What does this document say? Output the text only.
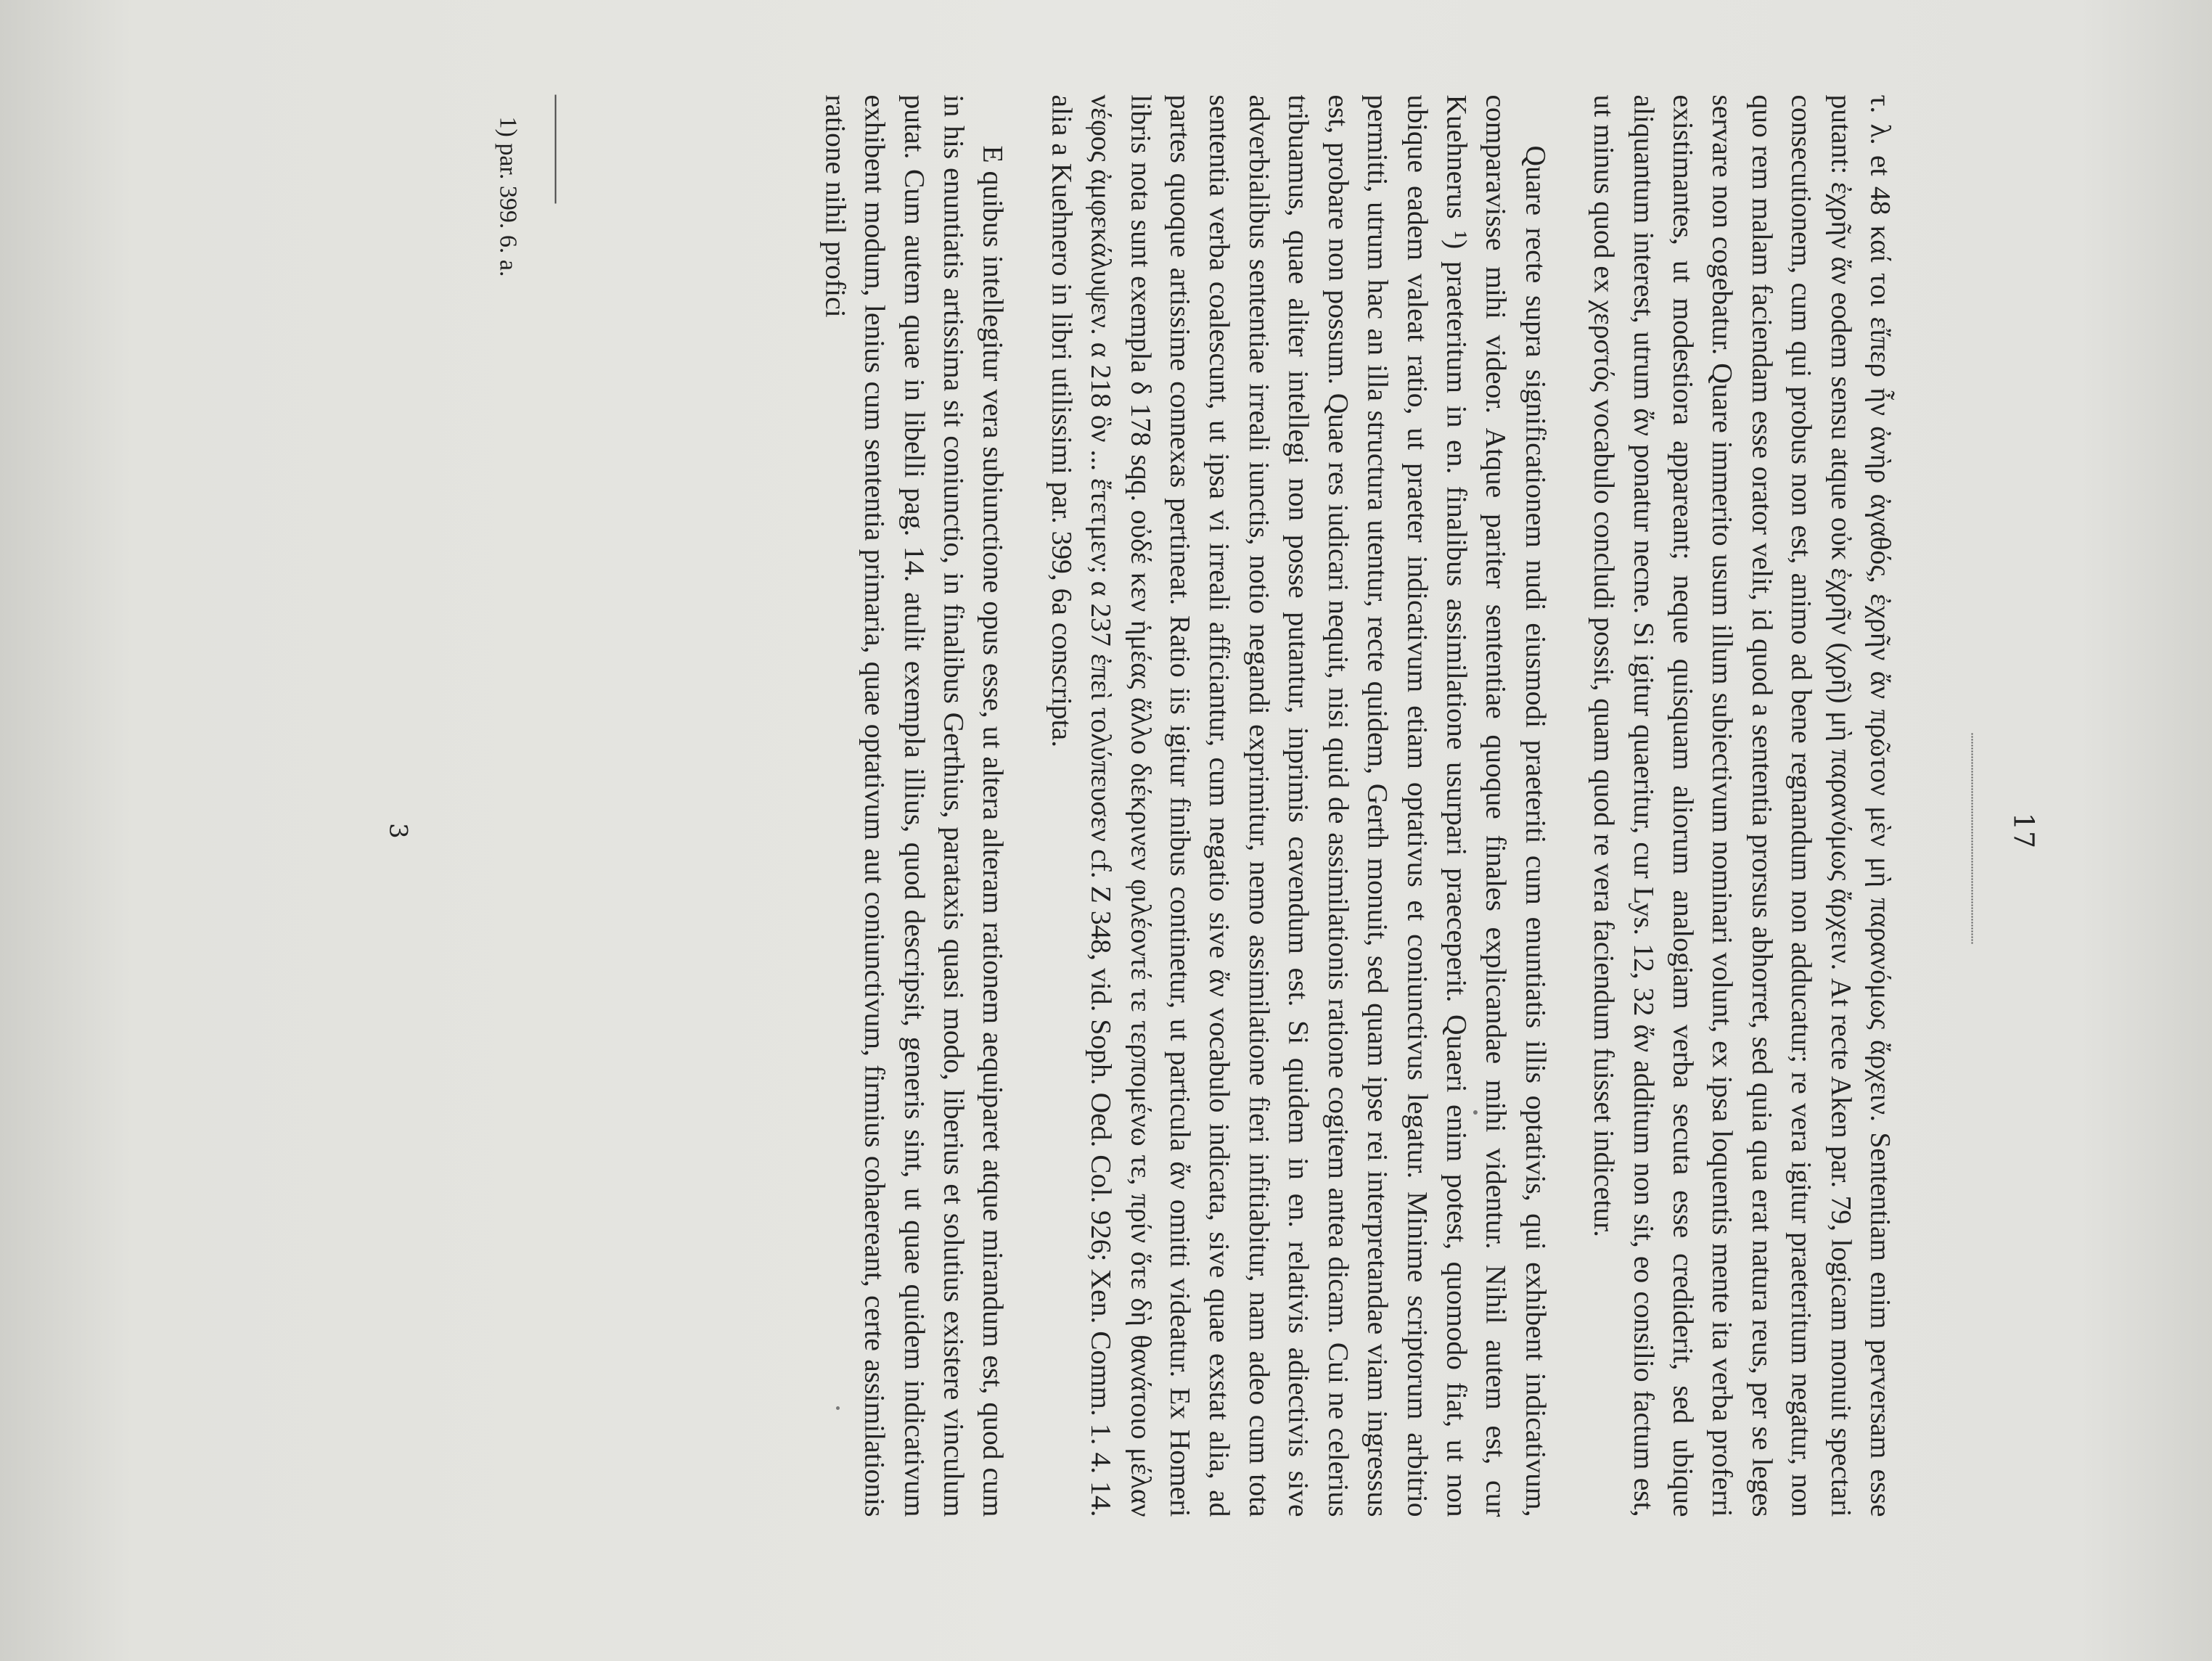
17

τ. λ. et 48 καί τοι εἴπερ ἦν ἀνὴρ ἀγαθός, ἐχρῆν ἄν πρῶτον μὲν μὴ παρανόμως ἄρχειν. Sententiam enim perversam esse putant: ἐχρῆν ἄν eodem sensu atque οὐκ ἐχρῆν (χρῆ) μὴ παρανόμως ἄρχειν. At recte Aken par. 79, logicam monuit spectari consecutionem, cum qui probus non est, animo ad bene regnandum non adducatur; re vera igitur praeteritum negatur, non quo rem malam faciendam esse orator velit, id quod a sententia prorsus abhorret, sed quia qua erat natura reus, per se leges servare non cogebatur. Quare immerito usum illum subiectivum nominari volunt, ex ipsa loquentis mente ita verba proferri existimantes, ut modestiora appareant; neque quisquam aliorum analogiam verba secuta esse crediderit, sed ubique aliquantum interest, utrum ἄν ponatur necne. Si igitur quaeritur, cur Lys. 12, 32 ἄν additum non sit, eo consilio factum est, ut minus quod ex χερστός vocabulo concludi possit, quam quod re vera faciendum fuisset indicetur.

Quare recte supra significationem nudi eiusmodi praeteriti cum enuntiatis illis optativis, qui exhibent indicativum, comparavisse mihi videor. Atque pariter sententiae quoque finales explicandae mihi videntur. Nihil autem est, cur Kuehnerus ¹) praeteritum in en. finalibus assimilatione usurpari praeceperit. Quaeri enim potest, quomodo fiat, ut non ubique eadem valeat ratio, ut praeter indicativum etiam optativus et coniunctivus legatur. Minime scriptorum arbitrio permitti, utrum hac an illa structura utentur, recte quidem, Gerth monuit, sed quam ipse rei interpretandae viam ingressus est, probare non possum. Quae res iudicari nequit, nisi quid de assimilationis ratione cogitem antea dicam. Cui ne celerius tribuamus, quae aliter intellegi non posse putantur, inprimis cavendum est. Si quidem in en. relativis adiectivis sive adverbialibus sententiae irreali iunctis, notio negandi exprimitur, nemo assimilatione fieri infitiabitur, nam adeo cum tota sententia verba coalescunt, ut ipsa vi irreali afficiantur, cum negatio sive ἄν vocabulo indicata, sive quae exstat alia, ad partes quoque artissime connexas pertineat. Ratio iis igitur finibus continetur, ut particula ἄν omitti videatur. Ex Homeri libris nota sunt exempla δ 178 sqq. οὐδέ κεν ἡμέας ἄλλο διέκρινεν φιλέοντέ τε τερπομένω τε, πρίν ὅτε δὴ θανάτοιο μέλαν νέφος ἀμφεκάλυψεν. α 218 ὃν ... ἔτετμεν; α 237 ἐπεὶ τολύπευσεν cf. Ζ 348, vid. Soph. Oed. Col. 926; Xen. Comm. 1. 4. 14. alia a Kuehnero in libri utilissimi par. 399, 6a conscripta.

E quibus intellegitur vera subiunctione opus esse, ut altera alteram rationem aequiparet atque mirandum est, quod cum in his enuntiatis artissima sit coniunctio, in finalibus Gerthius, parataxis quasi modo, liberius et solutius existere vinculum putat. Cum autem quae in libelli pag. 14. atulit exempla illius, quod descripsit, generis sint, ut quae quidem indicativum exhibent modum, lenius cum sententia primaria, quae optativum aut coniunctivum, firmius cohaereant, certe assimilationis ratione nihil profici

1) par. 399. 6. a.
3
